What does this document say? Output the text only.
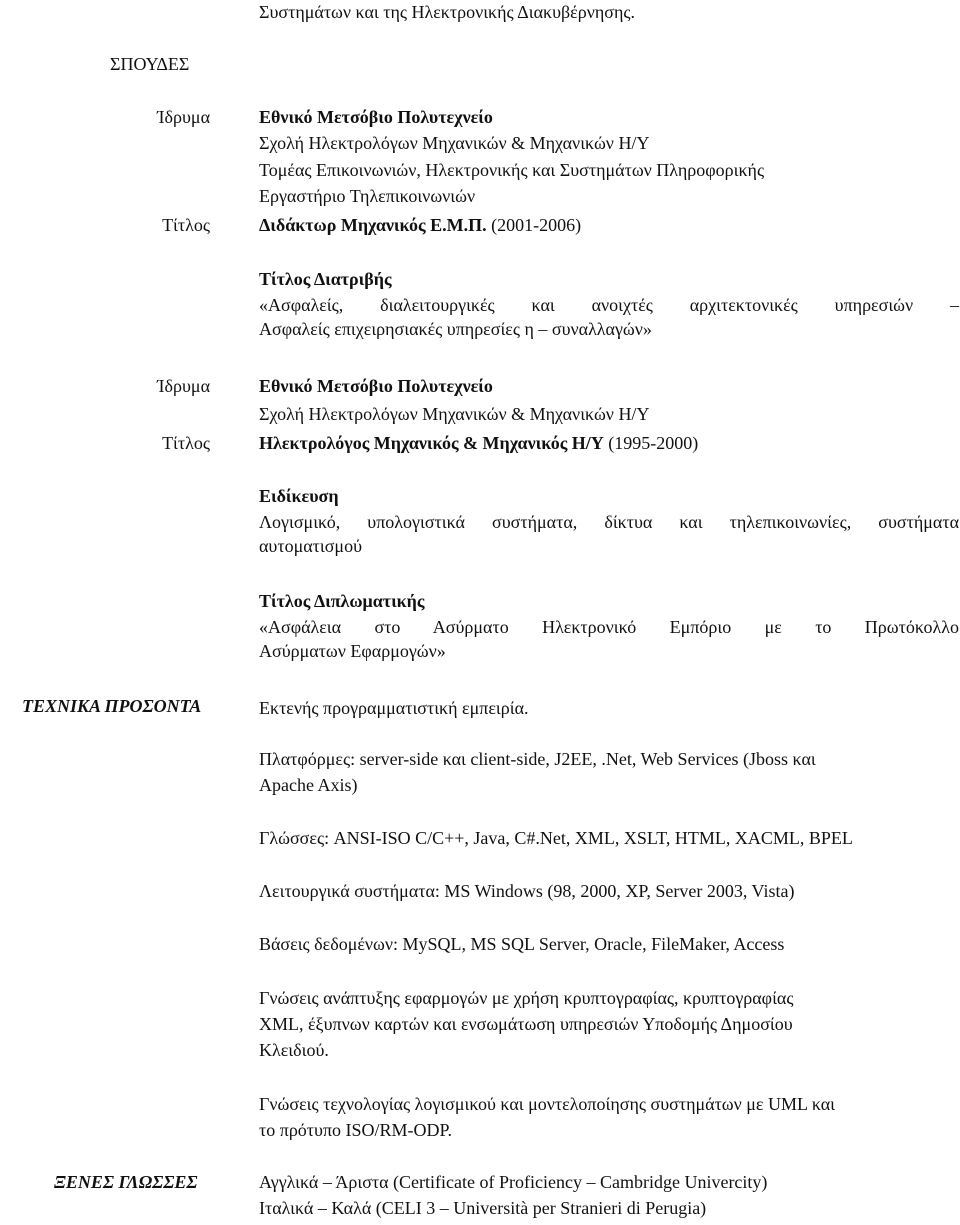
Συστημάτων και της Ηλεκτρονικής Διακυβέρνησης.
ΣΠΟΥΔΕΣ
Ίδρυμα	Εθνικό Μετσόβιο Πολυτεχνείο
Σχολή Ηλεκτρολόγων Μηχανικών & Μηχανικών Η/Υ
Τομέας Επικοινωνιών, Ηλεκτρονικής και Συστημάτων Πληροφορικής
Εργαστήριο Τηλεπικοινωνιών
Τίτλος	Διδάκτωρ Μηχανικός Ε.Μ.Π. (2001-2006)
Τίτλος Διατριβής
«Ασφαλείς, διαλειτουργικές και ανοιχτές αρχιτεκτονικές υπηρεσιών –
Ασφαλείς επιχειρησιακές υπηρεσίες η – συναλλαγών»
Ίδρυμα	Εθνικό Μετσόβιο Πολυτεχνείο
Σχολή Ηλεκτρολόγων Μηχανικών & Μηχανικών Η/Υ
Τίτλος	Ηλεκτρολόγος Μηχανικός & Μηχανικός Η/Υ (1995-2000)
Ειδίκευση
Λογισμικό, υπολογιστικά συστήματα, δίκτυα και τηλεπικοινωνίες, συστήματα
αυτοματισμού
Τίτλος Διπλωματικής
«Ασφάλεια στο Ασύρματο Ηλεκτρονικό Εμπόριο με το Πρωτόκολλο
Ασύρματων Εφαρμογών»
ΤΕΧΝΙΚΑ ΠΡΟΣΟΝΤΑ	Εκτενής προγραμματιστική εμπειρία.
Πλατφόρμες: server-side και client-side, J2EE, .Net, Web Services (Jboss και
Apache Axis)
Γλώσσες: ANSI-ISO C/C++, Java, C#.Net, XML, XSLT, HTML, XACML, BPEL
Λειτουργικά συστήματα: MS Windows (98, 2000, XP, Server 2003, Vista)
Βάσεις δεδομένων: MySQL, MS SQL Server, Oracle, FileMaker, Access
Γνώσεις ανάπτυξης εφαρμογών με χρήση κρυπτογραφίας, κρυπτογραφίας
XML, έξυπνων καρτών και ενσωμάτωση υπηρεσιών Υποδομής Δημοσίου
Κλειδιού.
Γνώσεις τεχνολογίας λογισμικού και μοντελοποίησης συστημάτων με UML και
το πρότυπο ISO/RM-ODP.
ΞΕΝΕΣ ΓΛΩΣΣΕΣ	Αγγλικά – Άριστα (Certificate of Proficiency – Cambridge Univercity)
Ιταλικά – Καλά (CELI 3 – Università per Stranieri di Perugia)
